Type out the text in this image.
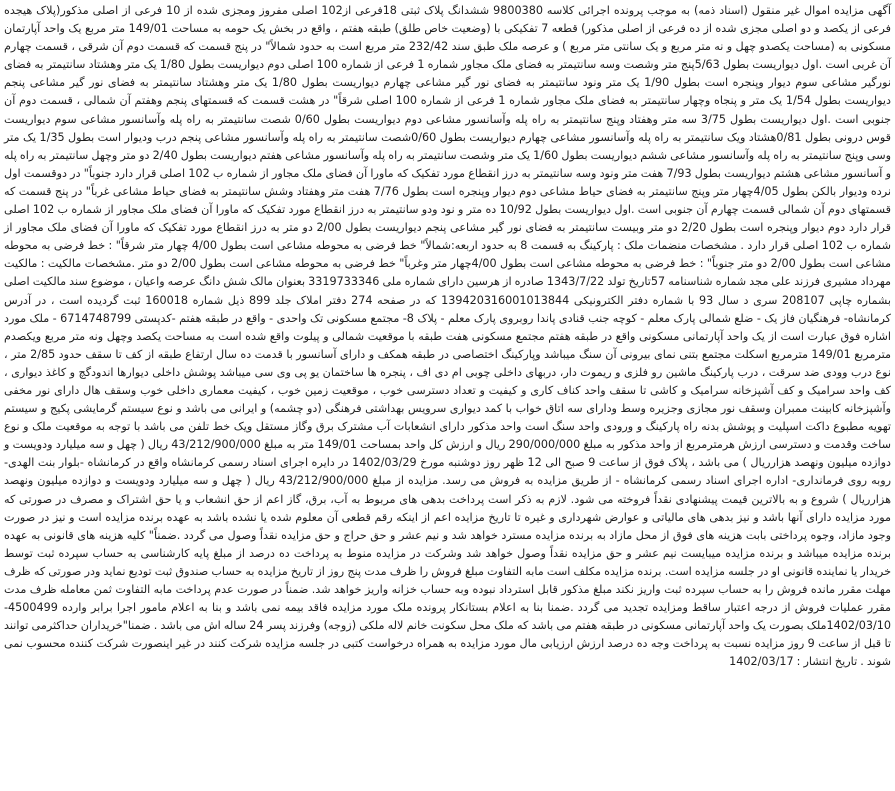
آگهی مزایده اموال غیر منقول (اسناد ذمه) به موجب پرونده اجرائی کلاسه 9800380 ششدانگ پلاک ثبتی 18فرعی از102 اصلی مفروز ومجزی شده از 10 فرعی از اصلی مذکور(پلاک هیجده فرعی از یکصد و دو اصلی مجزی شده از ده فرعی از اصلی مذکور) قطعه 7 تفکیکی با (وضعیت خاص طلق) طبقه هفتم ، واقع در بخش یک حومه به مساحت 149/01 متر مربع یک واحد آپارتمان مسکونی به (مساحت یکصدو چهل و نه متر مربع و یک سانتی متر مربع ) و عرصه ملک طبق سند 232/42 متر مربع است به حدود شمالاً" در پنج قسمت که قسمت دوم آن شرقی ، قسمت چهارم آن غربی است .اول دیواریست بطول 5/63پنج متر وشصت وسه سانتیمتر به فضای ملک مجاور شماره 1 فرعی از شماره 100 اصلی دوم دیواریست بطول 1/80 یک متر وهشتاد سانتیمتر به فضای نورگیر مشاعی سوم دیوار وپنجره است بطول 1/90 یک متر ونود سانتیمتر به فضای نور گیر مشاعی چهارم دیواریست بطول 1/80 یک متر وهشتاد سانتیمتر به فضای نور گیر مشاعی پنجم دیواریست بطول 1/54 یک متر و پنجاه وچهار سانتیمتر به فضای ملک مجاور شماره 1 فرعی از شماره 100 اصلی شرقاً" در هشت قسمت که قسمتهای پنجم وهفتم آن شمالی ، قسمت دوم آن جنوبی است .اول دیواریست بطول 3/75 سه متر وهفتاد وپنج سانتیمتر به راه پله وآسانسور مشاعی دوم دیواریست بطول 0/60 شصت سانتیمتر به راه پله وآسانسور مشاعی سوم دیواریست قوس درونی بطول 0/81هشتاد ویک سانتیمتر به راه پله وآسانسور مشاعی چهارم دیواریست بطول 0/60شصت سانتیمتر به راه پله وآسانسور مشاعی پنجم درب ودیوار است بطول 1/35 یک متر وسی وپنج سانتیمتر به راه پله وآسانسور مشاعی ششم دیواریست بطول 1/60 یک متر وشصت سانتیمتر به راه پله وآسانسور مشاعی هفتم دیواریست بطول 2/40 دو متر وچهل سانتیمتر به راه پله و آسانسور مشاعی هشتم دیواریست بطول 7/93 هفت متر ونود وسه سانتیمتر به درز انقطاع مورد تفکیک که ماورا آن فضای ملک مجاور از شماره ب 102 اصلی قرار دارد جنوباً" در دوقسمت اول نرده ودیوار بالکن بطول 4/05چهار متر وپنج سانتیمتر به فضای حیاط مشاعی دوم دیوار وپنجره است بطول 7/76 هفت متر وهفتاد وشش سانتیمتر به فضای حیاط مشاعی غرباً" در پنج قسمت که قسمتهای دوم آن شمالی قسمت چهارم آن جنوبی است .اول دیواریست بطول 10/92 ده متر و نود ودو سانتیمتر به درز انقطاع مورد تفکیک که ماورا آن فضای ملک مجاور از شماره ب 102 اصلی قرار دارد دوم دیوار وپنجره است بطول 2/20 دو متر وبیست سانتیمتر به فضای نور گیر مشاعی پنجم دیواریست بطول 2/00 دو متر به درز انقطاع مورد تفکیک که ماورا آن فضای ملک مجاور از شماره ب 102 اصلی قرار دارد . مشخصات منضمات ملک : پارکینگ به قسمت 8 به حدود اربعه:شمالاً" خط فرضی به محوطه مشاعی است بطول 4/00 چهار متر شرقاً" : خط فرضی به محوطه مشاعی است بطول 2/00 دو متر جنوباً" : خط فرضی به محوطه مشاعی است بطول 4/00چهار متر وغرباً" خط فرضی به محوطه مشاعی است بطول 2/00 دو متر .مشخصات مالکیت : مالکیت مهرداد مشیری فرزند علی مجد شماره شناسنامه 57تاریخ تولد 1343/7/22 صادره از هرسین دارای شماره ملی 3319733346 بعنوان مالک شش دانگ عرصه واعیان ، موضوع سند مالکیت اصلی بشماره چاپی 208107 سری د سال 93 با شماره دفتر الکترونیکی 139420316001013844 که در صفحه 274 دفتر املاک جلد 899 ذیل شماره 160018 ثبت گردیده است ، در آدرس کرمانشاه- فرهنگیان فاز یک - ضلع شمالی پارک معلم - کوچه جنب قنادی پاندا روبروی پارک معلم - پلاک 8- مجتمع مسکونی تک واحدی - واقع در طبقه هفتم -کدپستی 6714748799 - ملک مورد اشاره فوق عبارت است از یک واحد آپارتمانی مسکونی واقع در طبقه هفتم مجتمع مسکونی هفت طبقه با موقعیت شمالی و پیلوت واقع شده است به مساحت یکصد وچهل ونه متر مربع ویکصدم مترمربع 149/01 مترمربع اسکلت مجتمع بتنی نمای بیرونی آن سنگ میباشد وپارکینگ اختصاصی در طبقه همکف و دارای آسانسور با قدمت ده سال ارتفاع طبقه از کف تا سقف حدود 2/85 متر ، نوع درب وودی ضد سرقت ، درب پارکینگ ماشین رو فلزی و ریموت دار، دربهای داخلی چوبی ام دی اف ، پنجره ها ساختمان یو پی وی سی میباشد پوشش داخلی دیوارها اندودگچ و کاغذ دیواری ، کف واحد سرامیک و کف آشپزخانه سرامیک و کاشی تا سقف واحد کناف کاری و کیفیت و تعداد دسترسی خوب ، موقعیت زمین خوب ، کیفیت معماری داخلی خوب وسقف هال دارای نور مخفی وآشپزخانه کابینت ممبران وسقف نور مجازی وجزیره وسط ودارای سه اتاق خواب با کمد دیواری سرویس بهداشتی فرهنگی (دو چشمه) و ایرانی می باشد و نوع سیستم گرمایشی پکیج و سیستم تهویه مطبوع داکت اسپلیت و پوشش بدنه راه پارکینگ و ورودی واحد سنگ است واحد مذکور دارای انشعابات آب مشترک برق وگاز مستقل ویک خط تلفن می باشد با توجه به موقعیت ملک و نوع ساخت وقدمت و دسترسی ارزش هرمترمربع از واحد مذکور به مبلغ 290/000/000 ریال و ارزش کل واحد بمساحت 149/01 متر به مبلغ 43/212/900/000 ریال ( چهل و سه میلیارد ودویست و دوازده میلیون ونهصد هزارریال ) می باشد ، پلاک فوق از ساعت 9 صبح الی 12 ظهر روز دوشنبه مورخ 1402/03/29 در دایره اجرای اسناد رسمی کرمانشاه واقع در کرمانشاه -بلوار بنت الهدی- روبه روی فرمانداری- اداره اجرای اسناد رسمی کرمانشاه - از طریق مزایده به فروش می رسد. مزایده از مبلغ 43/212/900/000 ریال ( چهل و سه میلیارد ودویست و دوازده میلیون ونهصد هزارریال ) شروع و به بالاترین قیمت پیشنهادی نقداً فروخته می شود. لازم به ذکر است پرداخت بدهی های مربوط به آب، برق، گاز اعم از حق انشعاب و یا حق اشتراک و مصرف در صورتی که مورد مزایده دارای آنها باشد و نیز بدهی های مالیاتی و عوارض شهرداری و غیره تا تاریخ مزایده اعم از اینکه رقم قطعی آن معلوم شده یا نشده باشد به عهده برنده مزایده است و نیز در صورت وجود مازاد، وجوه پرداختی بابت هزینه های فوق از محل مازاد به برنده مزایده مسترد خواهد شد و نیم عشر و حق حراج و حق مزایده نقداً وصول می گردد .ضمناً" کلیه هزینه های قانونی به عهده برنده مزایده میباشد و برنده مزایده میبایست نیم عشر و حق مزایده نقداً وصول خواهد شد وشرکت در مزایده منوط به پرداخت ده درصد از مبلغ پایه کارشناسی به حساب سپرده ثبت توسط خریدار یا نماینده قانونی او در جلسه مزایده است. برنده مزایده مکلف است مابه التفاوت مبلغ فروش را ظرف مدت پنج روز از تاریخ مزایده به حساب صندوق ثبت تودیع نماید ودر صورتی که ظرف مهلت مقرر مانده فروش را به حساب سپرده ثبت واریز نکند مبلغ مذکور قابل استرداد نبوده وبه حساب خزانه واریز خواهد شد. ضمناً در صورت عدم پرداخت مابه التفاوت ثمن معامله ظرف مدت مقرر عملیات فروش از درجه اعتبار ساقط ومزایده تجدید می گردد .ضمنا بنا به اعلام بستانکار پرونده ملک مورد مزایده فاقد بیمه نمی باشد و بنا به اعلام مامور اجرا برابر وارده 4500499-1402/03/10ملک بصورت یک واحد آپارتمانی مسکونی در طبقه هفتم می باشد که ملک محل سکونت خانم لاله ملکی (زوجه) وفرزند پسر 24 ساله اش می باشد . ضمنا"خریداران حداکثرمی توانند تا قبل از ساعت 9 روز مزایده نسبت به پرداخت وجه ده درصد ارزش ارزیابی مال مورد مزایده به همراه درخواست کتبی در جلسه مزایده شرکت کنند در غیر اینصورت شرکت کننده محسوب نمی شوند . تاریخ انتشار : 1402/03/17
